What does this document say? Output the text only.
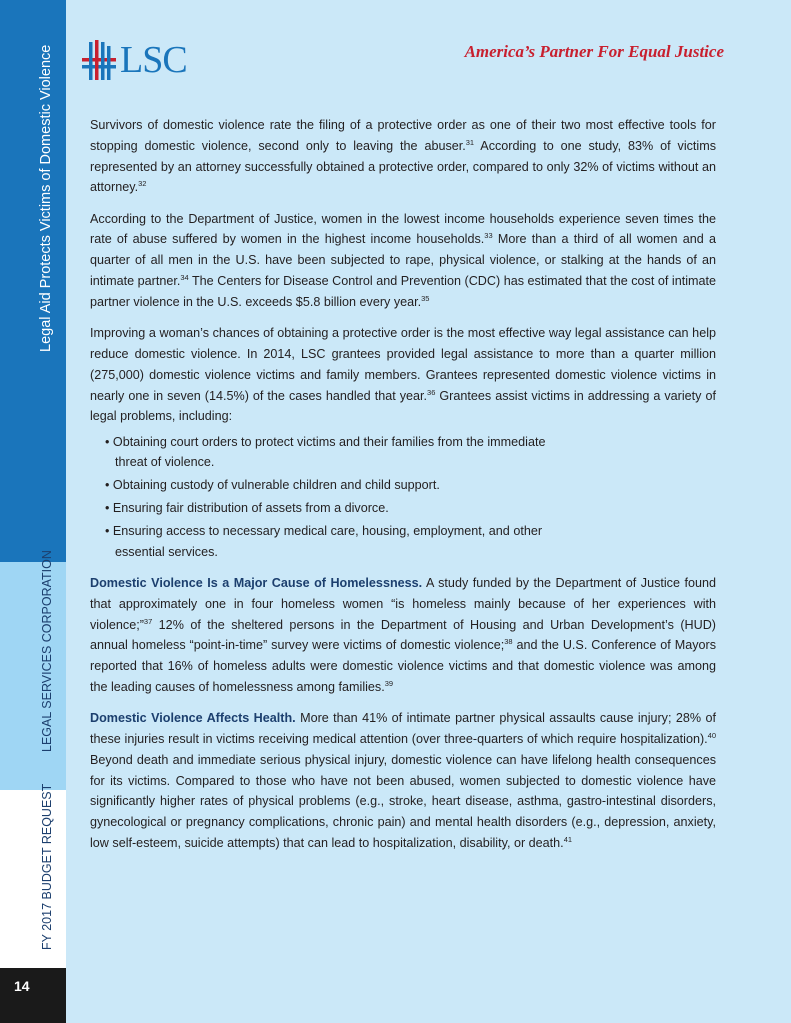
Legal Aid Protects Victims of Domestic Violence
LEGAL SERVICES CORPORATION
FY 2017 BUDGET REQUEST
14
LSC	America’s Partner For Equal Justice

Survivors of domestic violence rate the filing of a protective order as one of their two most effective tools for stopping domestic violence, second only to leaving the abuser.$^{31}$ According to one study, 83% of victims represented by an attorney successfully obtained a protective order, compared to only 32% of victims without an attorney.$^{32}$

According to the Department of Justice, women in the lowest income households experience seven times the rate of abuse suffered by women in the highest income households.$^{33}$ More than a third of all women and a quarter of all men in the U.S. have been subjected to rape, physical violence, or stalking at the hands of an intimate partner.$^{34}$ The Centers for Disease Control and Prevention (CDC) has estimated that the cost of intimate partner violence in the U.S. exceeds $5.8 billion every year.$^{35}$

Improving a woman’s chances of obtaining a protective order is the most effective way legal assistance can help reduce domestic violence. In 2014, LSC grantees provided legal assistance to more than a quarter million (275,000) domestic violence victims and family members. Grantees represented domestic violence victims in nearly one in seven (14.5%) of the cases handled that year.$^{36}$ Grantees assist victims in addressing a variety of legal problems, including:

• Obtaining court orders to protect victims and their families from the immediate threat of violence.
• Obtaining custody of vulnerable children and child support.
• Ensuring fair distribution of assets from a divorce.
• Ensuring access to necessary medical care, housing, employment, and other essential services.

Domestic Violence Is a Major Cause of Homelessness. A study funded by the Department of Justice found that approximately one in four homeless women “is homeless mainly because of her experiences with violence;”$^{37}$ 12% of the sheltered persons in the Department of Housing and Urban Development’s (HUD) annual homeless “point-in-time” survey were victims of domestic violence;$^{38}$ and the U.S. Conference of Mayors reported that 16% of homeless adults were domestic violence victims and that domestic violence was among the leading causes of homelessness among families.$^{39}$

Domestic Violence Affects Health. More than 41% of intimate partner physical assaults cause injury; 28% of these injuries result in victims receiving medical attention (over three-quarters of which require hospitalization).$^{40}$ Beyond death and immediate serious physical injury, domestic violence can have lifelong health consequences for its victims. Compared to those who have not been abused, women subjected to domestic violence have significantly higher rates of physical problems (e.g., stroke, heart disease, asthma, gastro-intestinal disorders, gynecological or pregnancy complications, chronic pain) and mental health disorders (e.g., depression, anxiety, low self-esteem, suicide attempts) that can lead to hospitalization, disability, or death.$^{41}$
